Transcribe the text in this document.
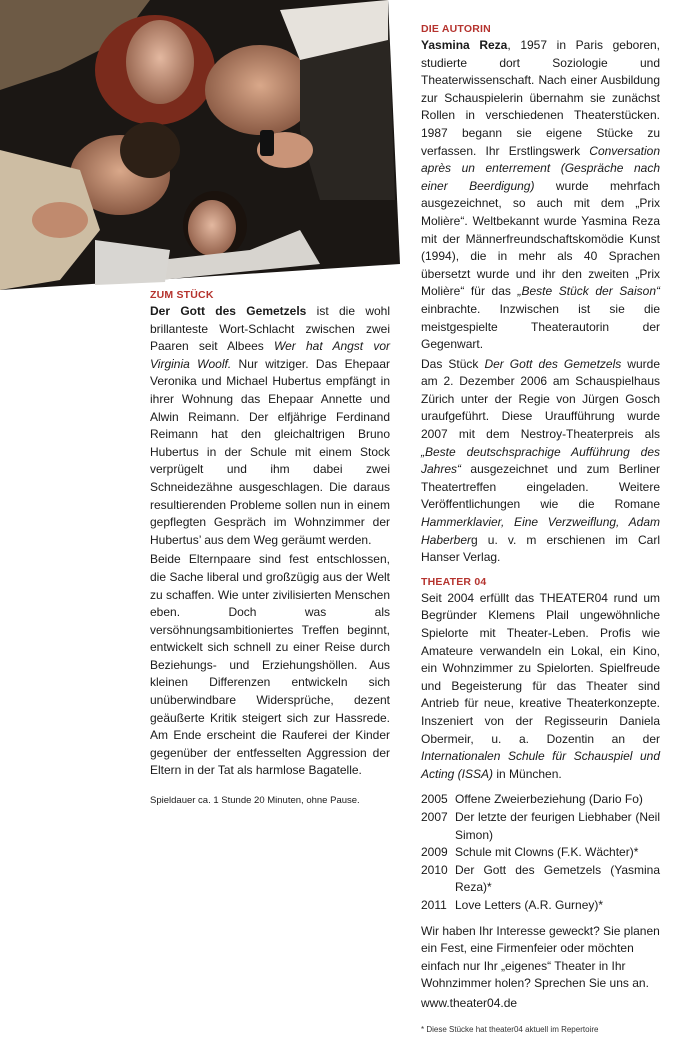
ZUM STÜCK

Der Gott des Gemetzels ist die wohl brillanteste Wort-Schlacht zwischen zwei Paaren seit Albees Wer hat Angst vor Virginia Woolf. Nur witziger. Das Ehepaar Veronika und Michael Hubertus empfängt in ihrer Wohnung das Ehepaar Annette und Alwin Reimann. Der elfjährige Ferdinand Reimann hat den gleichaltrigen Bruno Hubertus in der Schule mit einem Stock verprügelt und ihm dabei zwei Schneidezähne ausgeschlagen. Die daraus resultierenden Probleme sollen nun in einem gepflegten Gespräch im Wohnzimmer der Hubertus’ aus dem Weg geräumt werden.

Beide Elternpaare sind fest entschlossen, die Sache liberal und großzügig aus der Welt zu schaffen. Wie unter zivilisierten Menschen eben. Doch was als versöhnungsambitioniertes Treffen beginnt, entwickelt sich schnell zu einer Reise durch Beziehungs- und Erziehungshöllen. Aus kleinen Differenzen entwickeln sich unüberwindbare Widersprüche, dezent geäußerte Kritik steigert sich zur Hassrede. Am Ende erscheint die Rauferei der Kinder gegenüber der entfesselten Aggression der Eltern in der Tat als harmlose Bagatelle.

Spieldauer ca. 1 Stunde 20 Minuten, ohne Pause.

DIE AUTORIN

Yasmina Reza, 1957 in Paris geboren, studierte dort Soziologie und Theaterwissenschaft. Nach einer Ausbildung zur Schauspielerin übernahm sie zunächst Rollen in verschiedenen Theaterstücken. 1987 begann sie eigene Stücke zu verfassen. Ihr Erstlingswerk Conversation après un enterrement (Gespräche nach einer Beerdigung) wurde mehrfach ausgezeichnet, so auch mit dem „Prix Molière“. Weltbekannt wurde Yasmina Reza mit der Männerfreundschaftskomödie Kunst (1994), die in mehr als 40 Sprachen übersetzt wurde und ihr den zweiten „Prix Molière“ für das „Beste Stück der Saison“ einbrachte. Inzwischen ist sie die meistgespielte Theaterautorin der Gegenwart.

Das Stück Der Gott des Gemetzels wurde am 2. Dezember 2006 am Schauspielhaus Zürich unter der Regie von Jürgen Gosch uraufgeführt. Diese Uraufführung wurde 2007 mit dem Nestroy-Theaterpreis als „Beste deutschsprachige Aufführung des Jahres“ ausgezeichnet und zum Berliner Theatertreffen eingeladen. Weitere Veröffentlichungen wie die Romane Hammerklavier, Eine Verzweiflung, Adam Haberberg u. v. m erschienen im Carl Hanser Verlag.

THEATER 04

Seit 2004 erfüllt das THEATER04 rund um Begründer Klemens Plail ungewöhnliche Spielorte mit Theater-Leben. Profis wie Amateure verwandeln ein Lokal, ein Kino, ein Wohnzimmer zu Spielorten. Spielfreude und Begeisterung für das Theater sind Antrieb für neue, kreative Theaterkonzepte. Inszeniert von der Regisseurin Daniela Obermeir, u. a. Dozentin an der Internationalen Schule für Schauspiel und Acting (ISSA) in München.

2005 Offene Zweierbeziehung (Dario Fo)
2007 Der letzte der feurigen Liebhaber (Neil Simon)
2009 Schule mit Clowns (F.K. Wächter)*
2010 Der Gott des Gemetzels (Yasmina Reza)*
2011 Love Letters (A.R. Gurney)*

Wir haben Ihr Interesse geweckt? Sie planen ein Fest, eine Firmenfeier oder möchten einfach nur Ihr „eigenes“ Theater in Ihr Wohnzimmer holen? Sprechen Sie uns an.

www.theater04.de

* Diese Stücke hat theater04 aktuell im Repertoire
